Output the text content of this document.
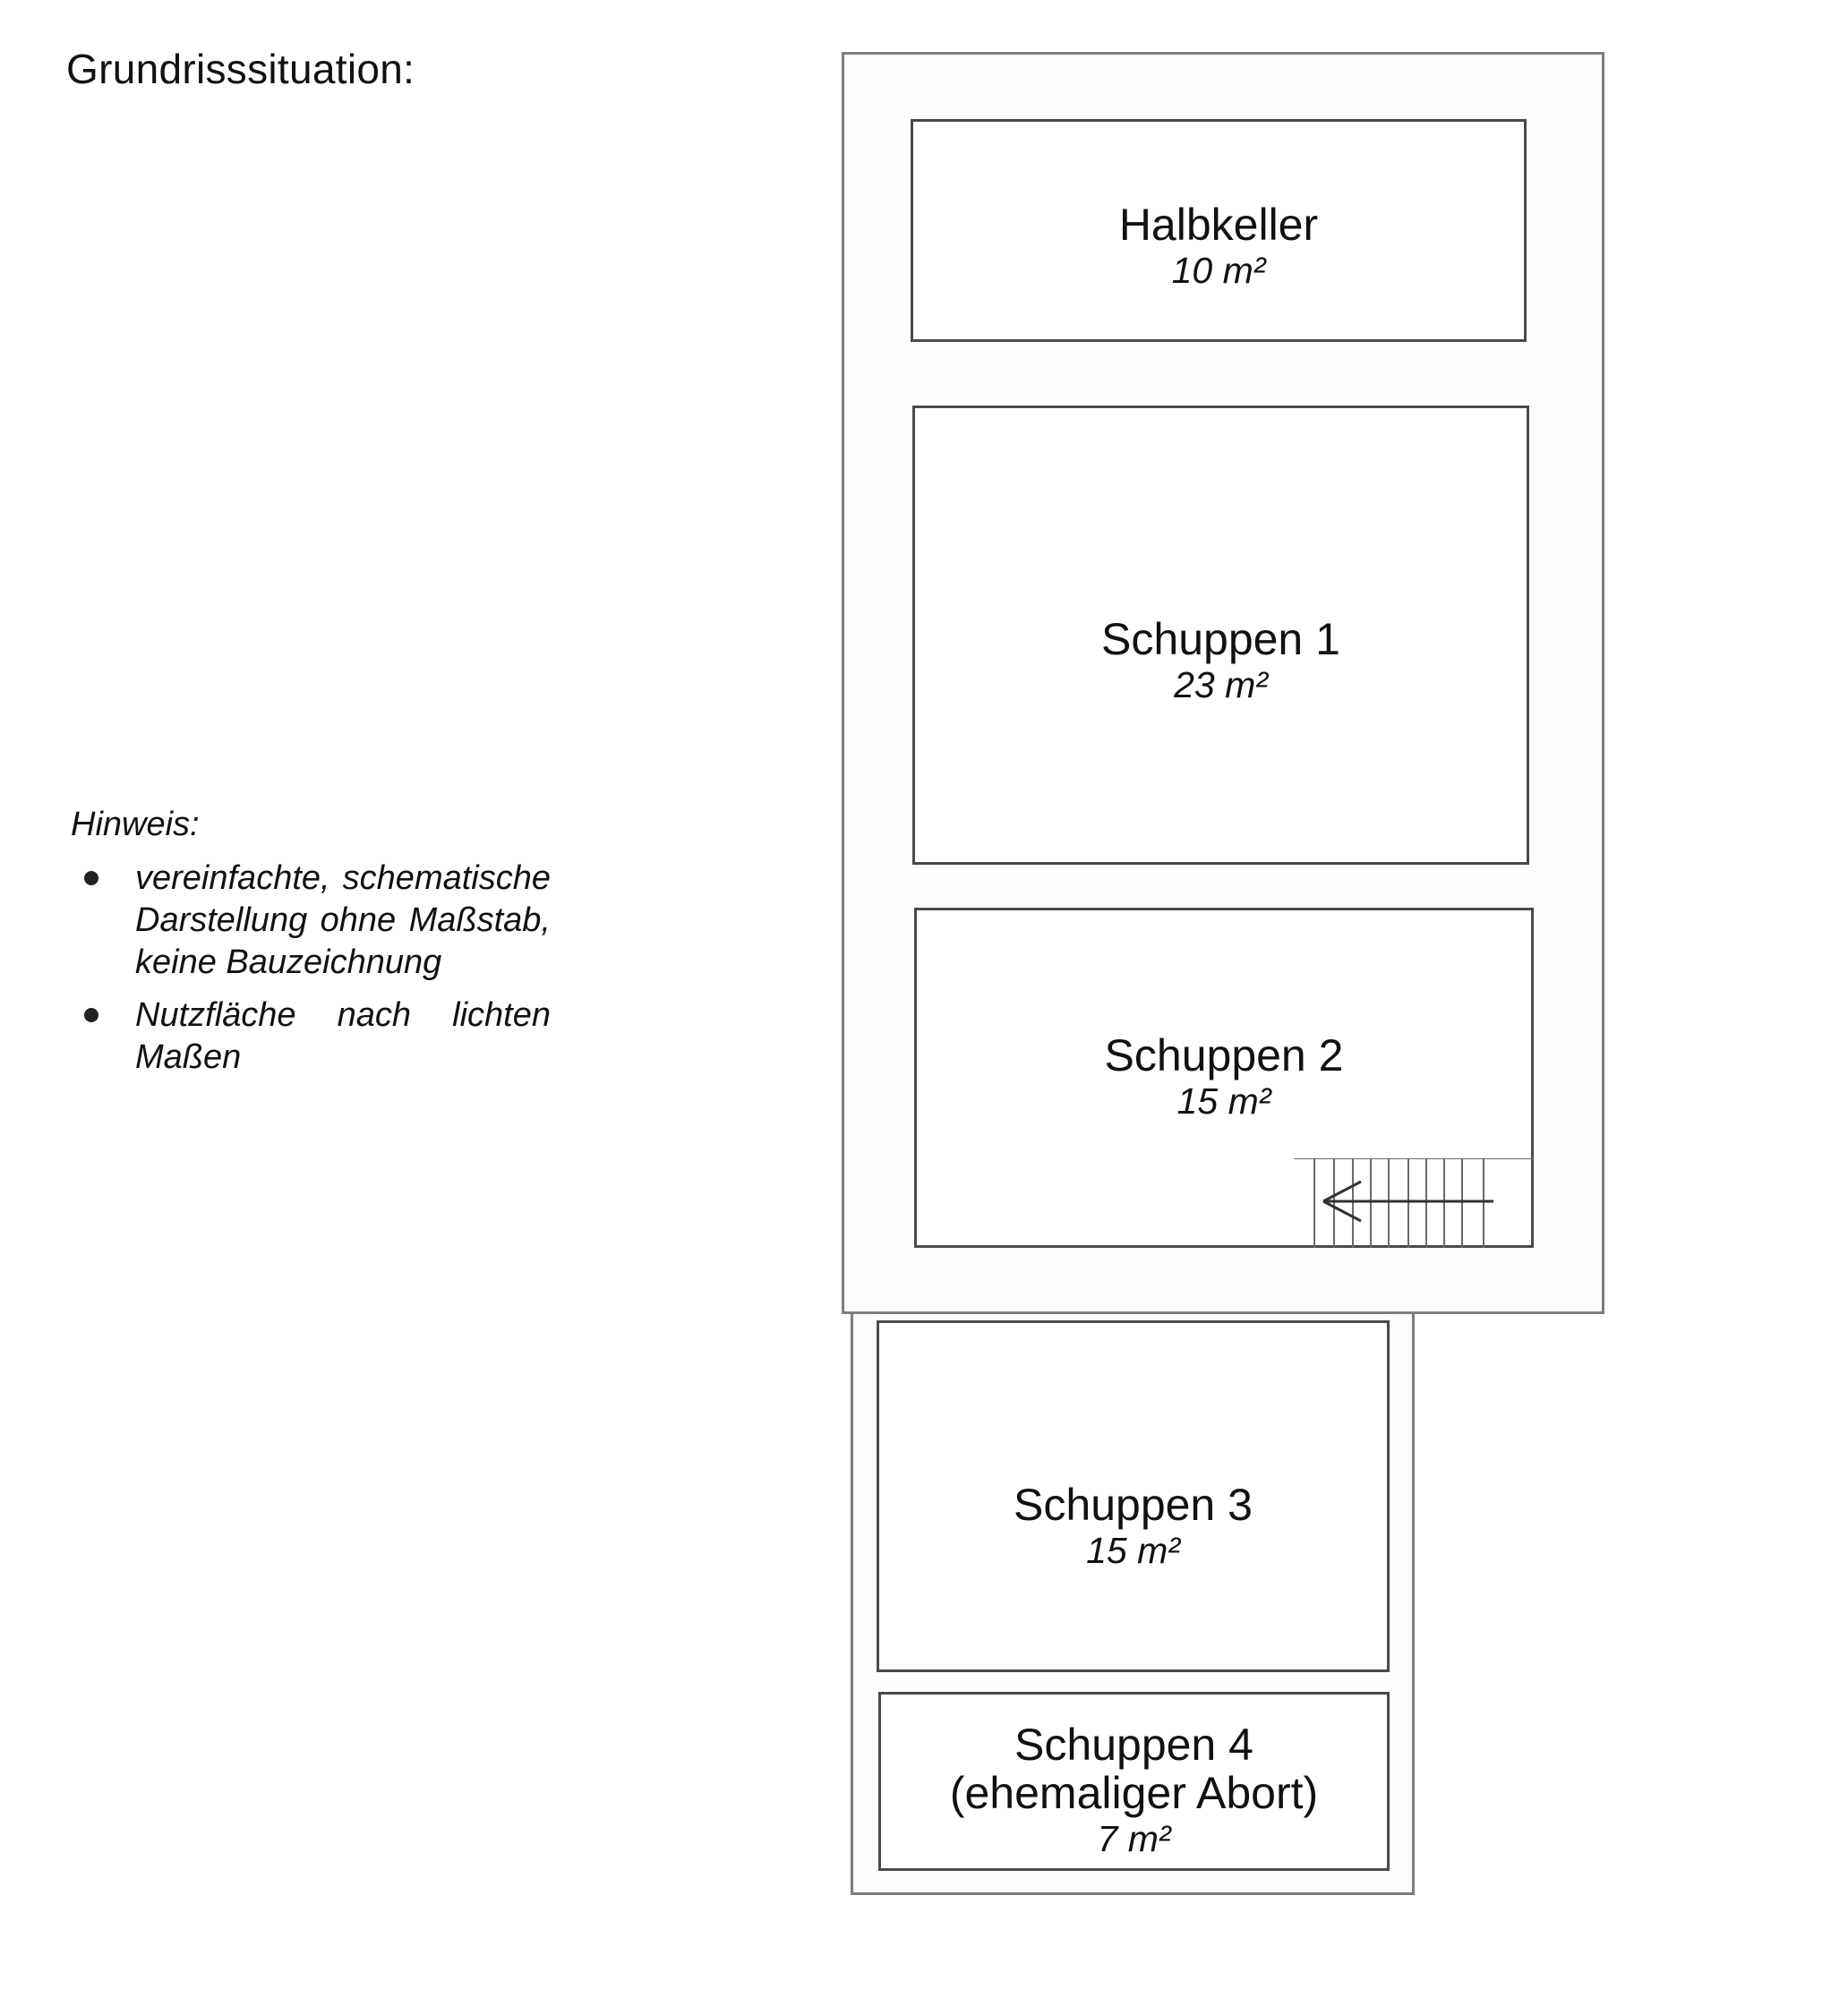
Grundrisssituation:
Hinweis:
vereinfachte, schematische Darstellung ohne Maßstab, keine Bauzeichnung
Nutzfläche nach lichten Maßen
Halbkeller
10 m²
Schuppen 1
23 m²
Schuppen 2
15 m²
Schuppen 3
15 m²
Schuppen 4
(ehemaliger Abort)
7 m²
